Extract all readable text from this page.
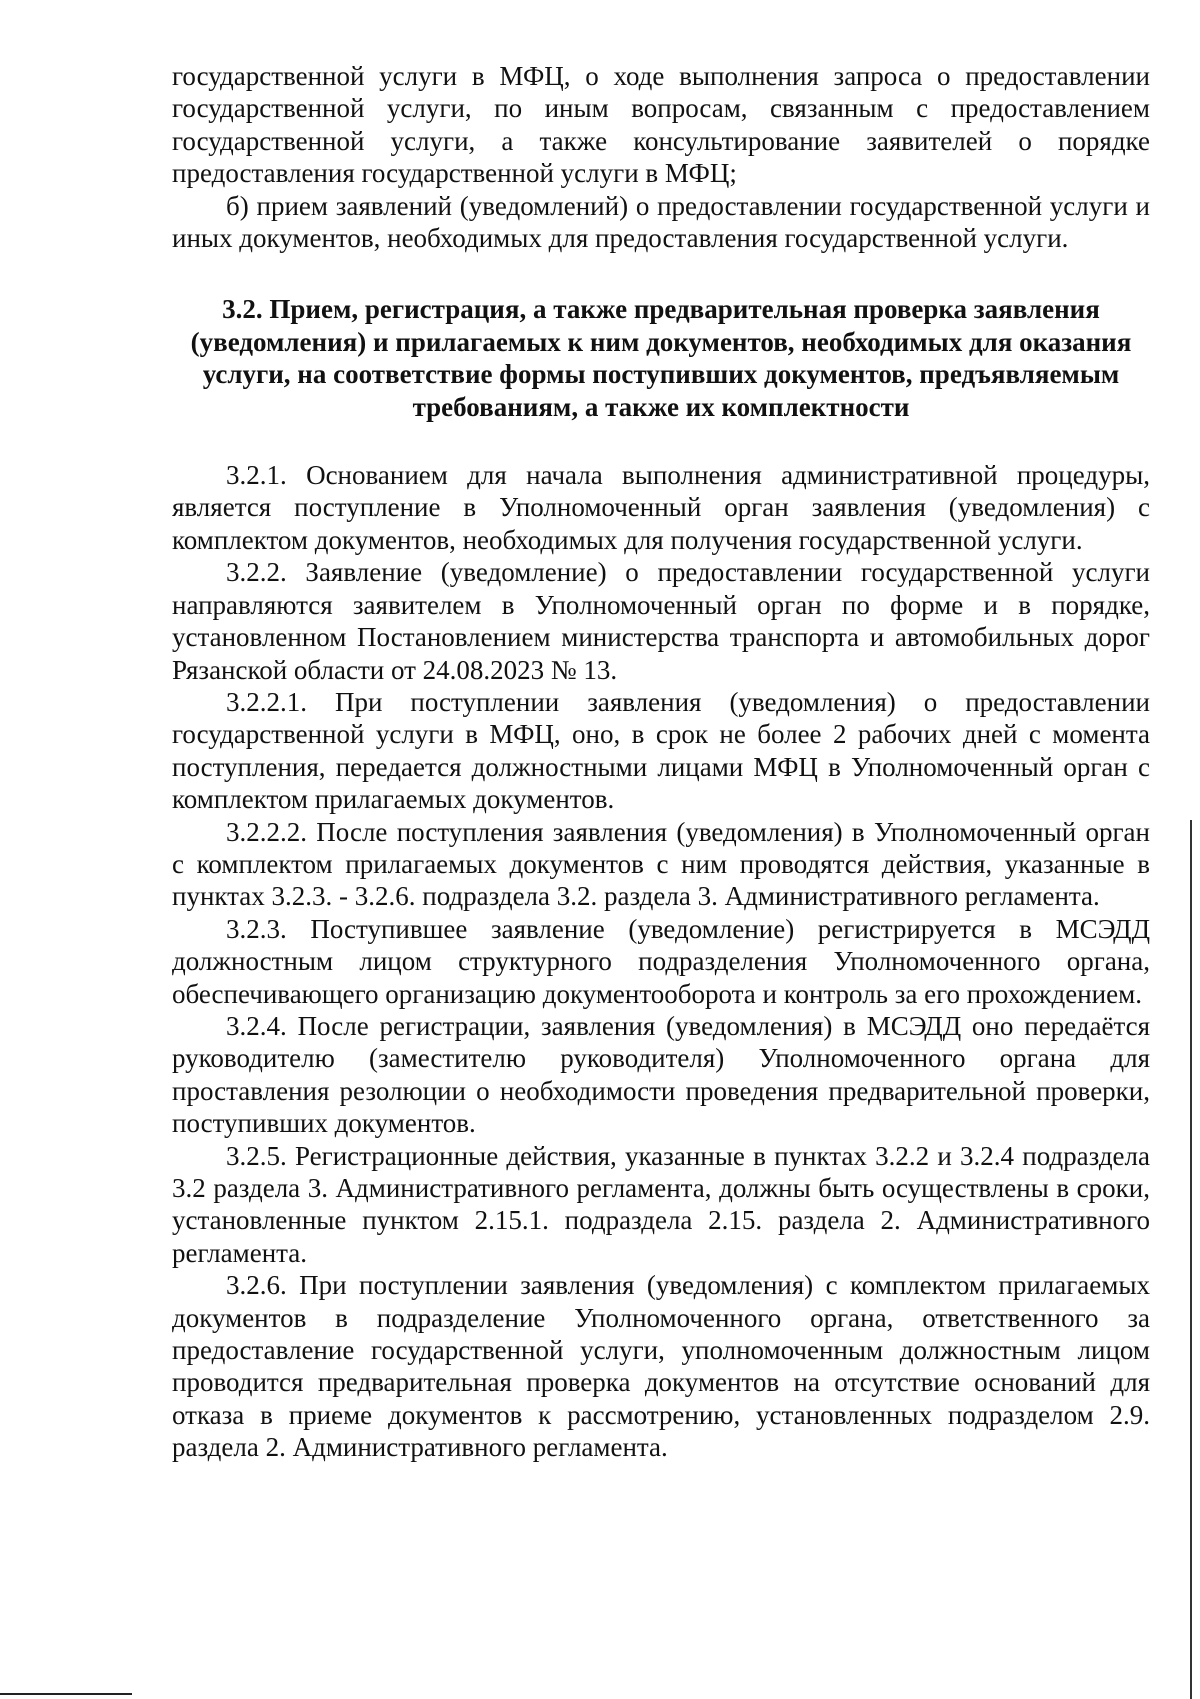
государственной услуги в МФЦ, о ходе выполнения запроса о предоставлении государственной услуги, по иным вопросам, связанным с предоставлением государственной услуги, а также консультирование заявителей о порядке предоставления государственной услуги в МФЦ;

б) прием заявлений (уведомлений) о предоставлении государственной услуги и иных документов, необходимых для предоставления государственной услуги.

3.2. Прием, регистрация, а также предварительная проверка заявления (уведомления) и прилагаемых к ним документов, необходимых для оказания услуги, на соответствие формы поступивших документов, предъявляемым требованиям, а также их комплектности

3.2.1. Основанием для начала выполнения административной процедуры, является поступление в Уполномоченный орган заявления (уведомления) с комплектом документов, необходимых для получения государственной услуги.

3.2.2. Заявление (уведомление) о предоставлении государственной услуги направляются заявителем в Уполномоченный орган по форме и в порядке, установленном Постановлением министерства транспорта и автомобильных дорог Рязанской области от 24.08.2023 № 13.

3.2.2.1. При поступлении заявления (уведомления) о предоставлении государственной услуги в МФЦ, оно, в срок не более 2 рабочих дней с момента поступления, передается должностными лицами МФЦ в Уполномоченный орган с комплектом прилагаемых документов.

3.2.2.2. После поступления заявления (уведомления) в Уполномоченный орган с комплектом прилагаемых документов с ним проводятся действия, указанные в пунктах 3.2.3. - 3.2.6. подраздела 3.2. раздела 3. Административного регламента.

3.2.3. Поступившее заявление (уведомление) регистрируется в МСЭДД должностным лицом структурного подразделения Уполномоченного органа, обеспечивающего организацию документооборота и контроль за его прохождением.

3.2.4. После регистрации, заявления (уведомления) в МСЭДД оно передаётся руководителю (заместителю руководителя) Уполномоченного органа для проставления резолюции о необходимости проведения предварительной проверки, поступивших документов.

3.2.5. Регистрационные действия, указанные в пунктах 3.2.2 и 3.2.4 подраздела 3.2 раздела 3. Административного регламента, должны быть осуществлены в сроки, установленные пунктом 2.15.1. подраздела 2.15. раздела 2. Административного регламента.

3.2.6. При поступлении заявления (уведомления) с комплектом прилагаемых документов в подразделение Уполномоченного органа, ответственного за предоставление государственной услуги, уполномоченным должностным лицом проводится предварительная проверка документов на отсутствие оснований для отказа в приеме документов к рассмотрению, установленных подразделом 2.9. раздела 2. Административного регламента.
